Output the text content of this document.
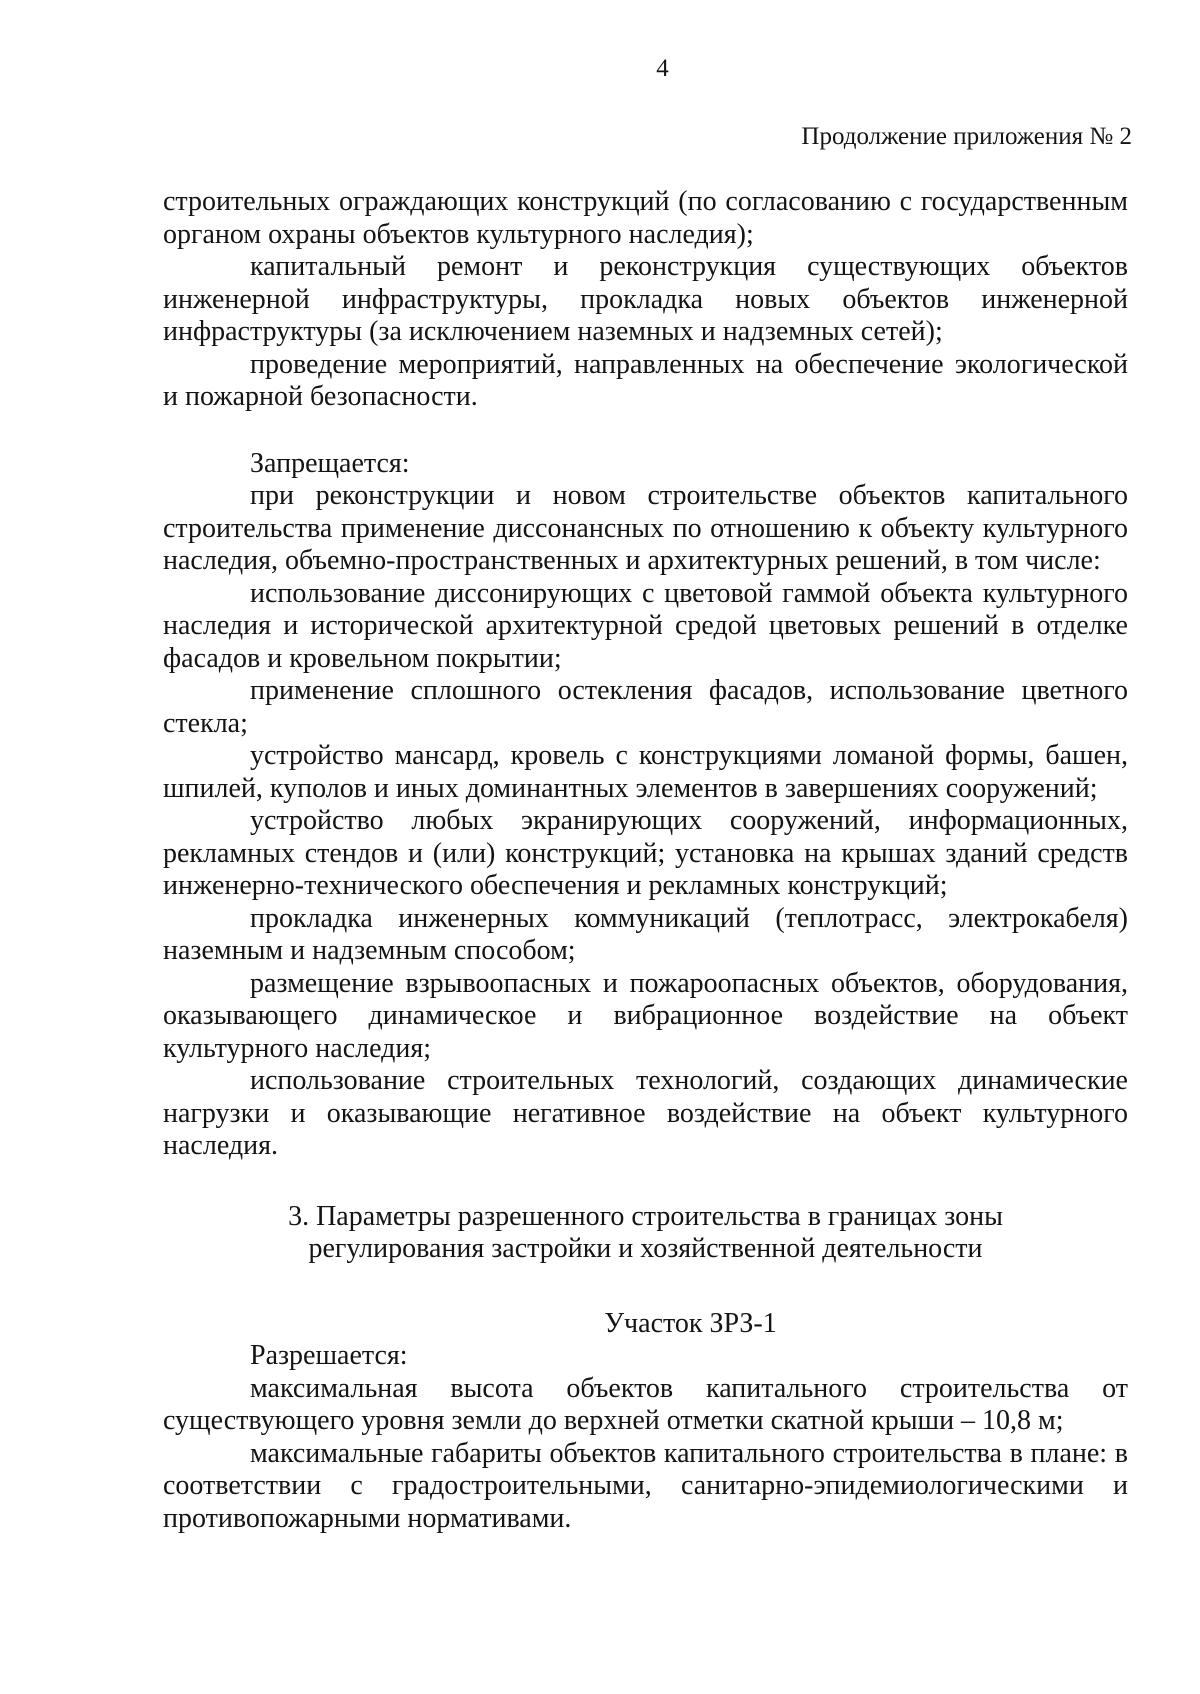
4
Продолжение приложения № 2

строительных ограждающих конструкций (по согласованию с государственным органом охраны объектов культурного наследия);

капитальный ремонт и реконструкция существующих объектов инженерной инфраструктуры, прокладка новых объектов инженерной инфраструктуры (за исключением наземных и надземных сетей);

проведение мероприятий, направленных на обеспечение экологической и пожарной безопасности.

Запрещается:

при реконструкции и новом строительстве объектов капитального строительства применение диссонансных по отношению к объекту культурного наследия, объемно-пространственных и архитектурных решений, в том числе:

использование диссонирующих с цветовой гаммой объекта культурного наследия и исторической архитектурной средой цветовых решений в отделке фасадов и кровельном покрытии;

применение сплошного остекления фасадов, использование цветного стекла;

устройство мансард, кровель с конструкциями ломаной формы, башен, шпилей, куполов и иных доминантных элементов в завершениях сооружений;

устройство любых экранирующих сооружений, информационных, рекламных стендов и (или) конструкций; установка на крышах зданий средств инженерно-технического обеспечения и рекламных конструкций;

прокладка инженерных коммуникаций (теплотрасс, электрокабеля) наземным и надземным способом;

размещение взрывоопасных и пожароопасных объектов, оборудования, оказывающего динамическое и вибрационное воздействие на объект культурного наследия;

использование строительных технологий, создающих динамические нагрузки и оказывающие негативное воздействие на объект культурного наследия.

3. Параметры разрешенного строительства в границах зоны регулирования застройки и хозяйственной деятельности

Участок ЗРЗ-1

Разрешается:

максимальная высота объектов капитального строительства от существующего уровня земли до верхней отметки скатной крыши – 10,8 м;

максимальные габариты объектов капитального строительства в плане: в соответствии с градостроительными, санитарно-эпидемиологическими и противопожарными нормативами.
